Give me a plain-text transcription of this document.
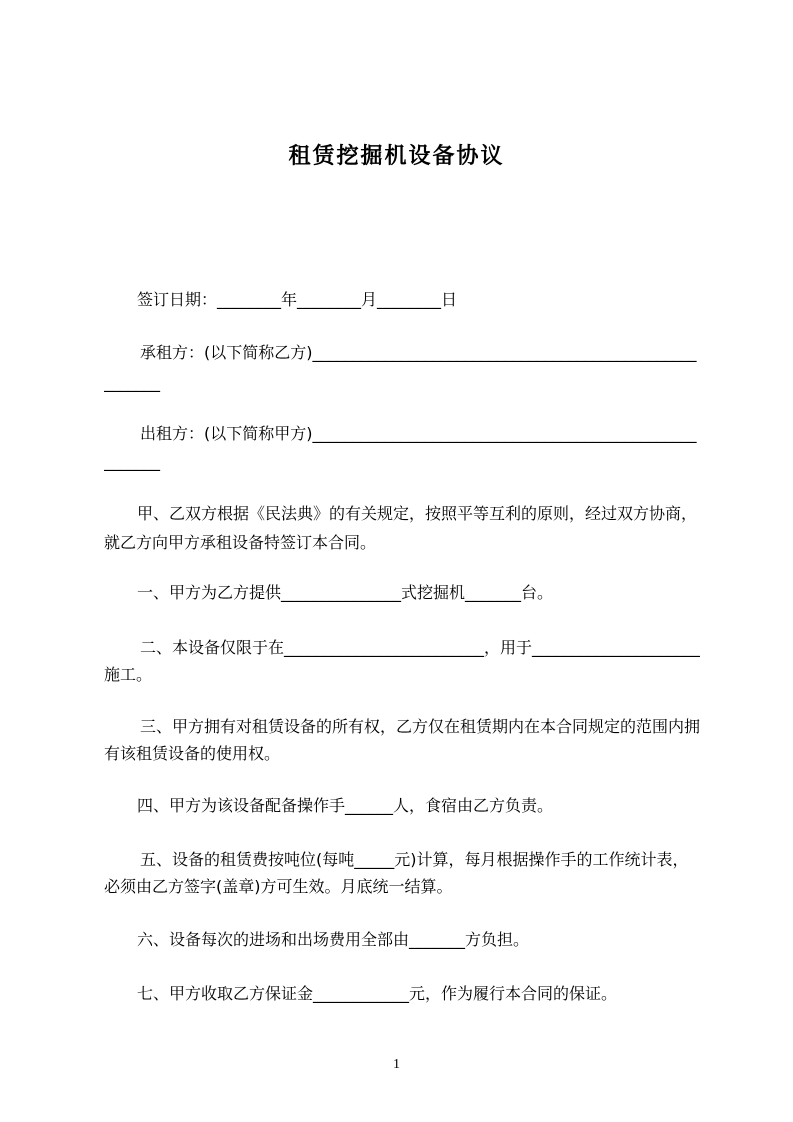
租赁挖掘机设备协议
签订日期：________年________月________日
承租方：(以下简称乙方)________________________________________________
_______
出租方：(以下简称甲方)________________________________________________
_______
甲、乙双方根据《民法典》的有关规定，按照平等互利的原则，经过双方协商，
就乙方向甲方承租设备特签订本合同。
一、甲方为乙方提供_______________式挖掘机_______台。
二、本设备仅限于在_________________________，用于_____________________
施工。
三、甲方拥有对租赁设备的所有权，乙方仅在租赁期内在本合同规定的范围内拥
有该租赁设备的使用权。
四、甲方为该设备配备操作手______人，食宿由乙方负责。
五、设备的租赁费按吨位(每吨_____元)计算，每月根据操作手的工作统计表，
必须由乙方签字(盖章)方可生效。月底统一结算。
六、设备每次的进场和出场费用全部由_______方负担。
七、甲方收取乙方保证金____________元，作为履行本合同的保证。
1
